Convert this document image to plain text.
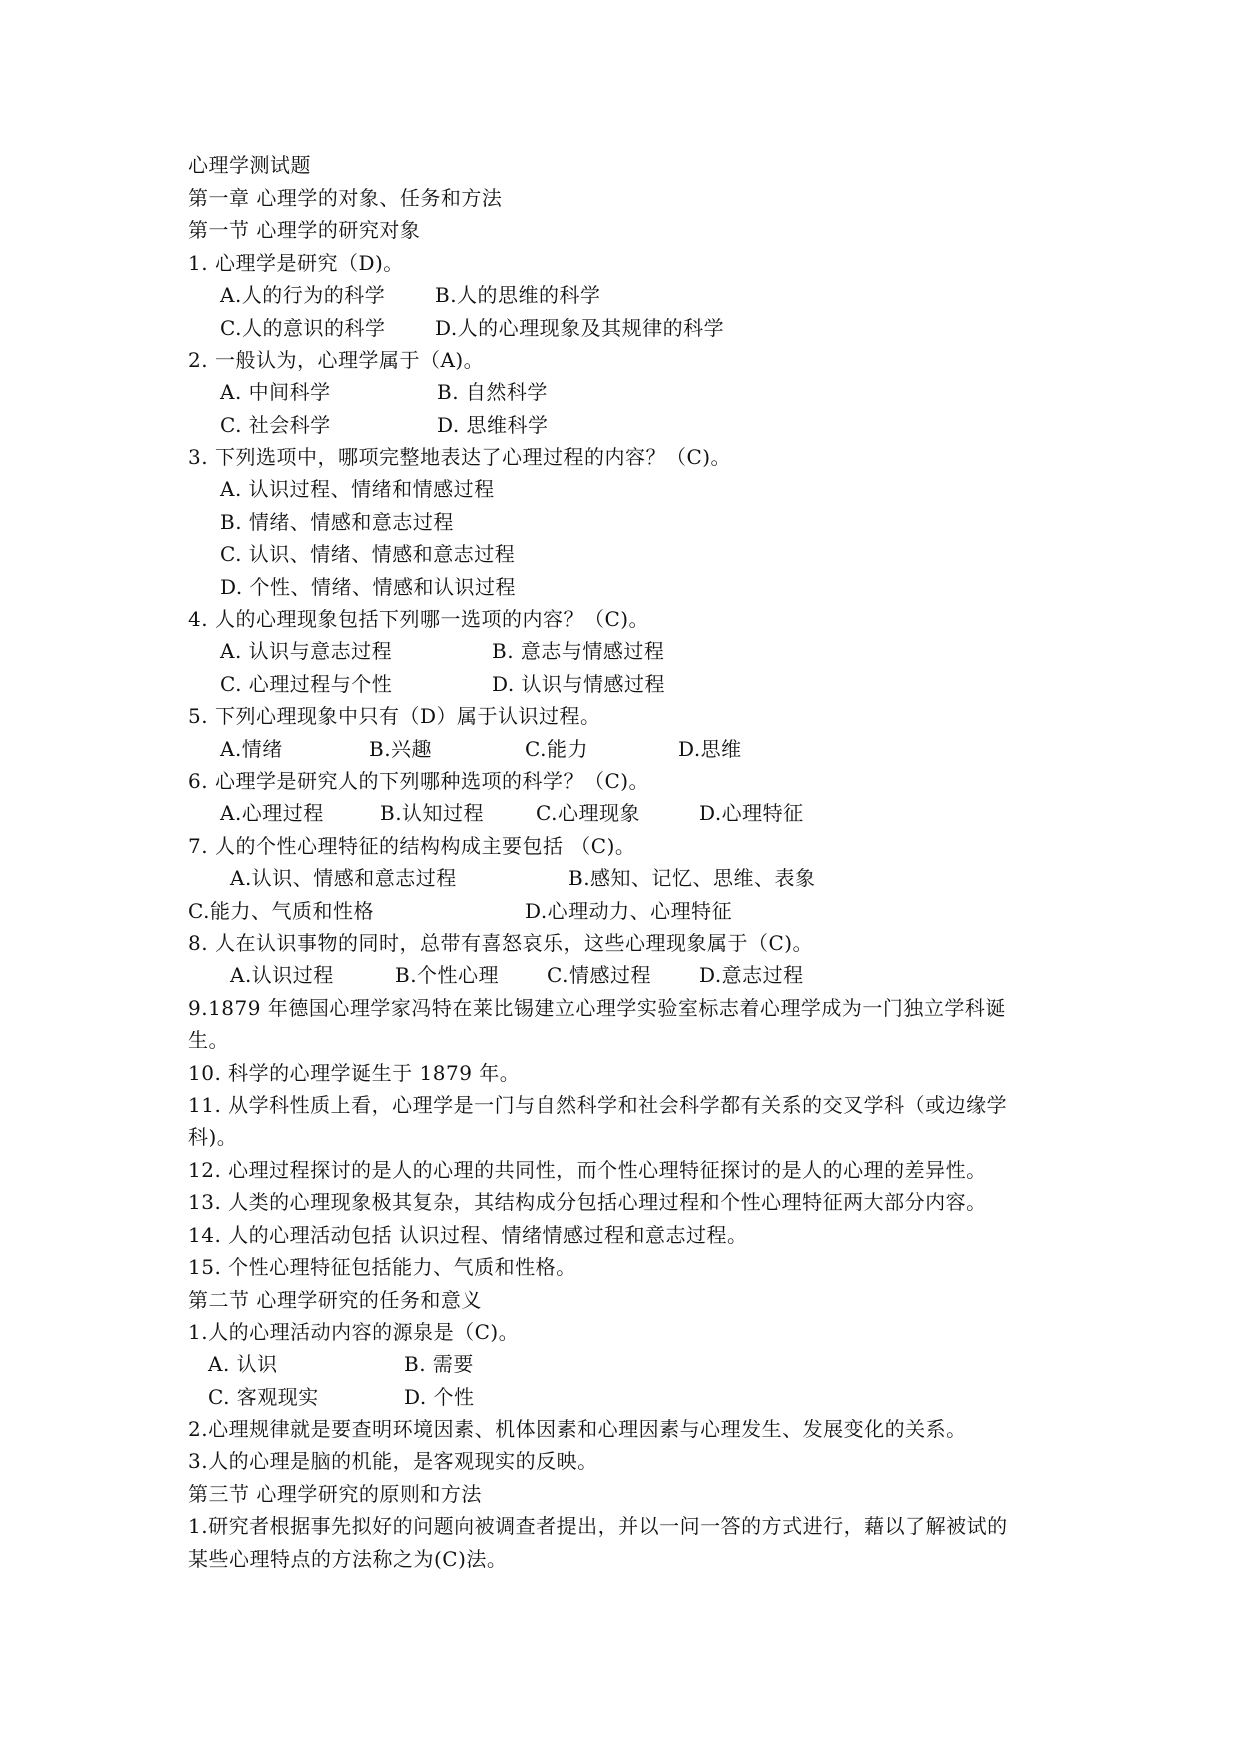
心理学测试题
第一章 心理学的对象、任务和方法
第一节 心理学的研究对象
1. 心理学是研究（D)。
A.人的行为的科学 B.人的思维的科学
C.人的意识的科学 D.人的心理现象及其规律的科学
2. 一般认为，心理学属于（A)。
A. 中间科学	B. 自然科学
C. 社会科学	D. 思维科学
3. 下列选项中，哪项完整地表达了心理过程的内容？（C)。
A. 认识过程、情绪和情感过程
B. 情绪、情感和意志过程
C. 认识、情绪、情感和意志过程
D. 个性、情绪、情感和认识过程
4. 人的心理现象包括下列哪一选项的内容？（C)。
A. 认识与意志过程	B. 意志与情感过程
C. 心理过程与个性	D. 认识与情感过程
5. 下列心理现象中只有（D）属于认识过程。
A.情绪	B.兴趣	C.能力	D.思维
6. 心理学是研究人的下列哪种选项的科学？（C)。
A.心理过程	B.认知过程	C.心理现象	D.心理特征
7. 人的个性心理特征的结构构成主要包括 （C)。
A.认识、情感和意志过程	B.感知、记忆、思维、表象
C.能力、气质和性格	D.心理动力、心理特征
8. 人在认识事物的同时，总带有喜怒哀乐，这些心理现象属于（C)。
A.认识过程	B.个性心理 C.情感过程 D.意志过程
9.1879 年德国心理学家冯特在莱比锡建立心理学实验室标志着心理学成为一门独立学科诞
生。
10. 科学的心理学诞生于 1879 年。
11. 从学科性质上看，心理学是一门与自然科学和社会科学都有关系的交叉学科（或边缘学
科)。
12. 心理过程探讨的是人的心理的共同性，而个性心理特征探讨的是人的心理的差异性。
13. 人类的心理现象极其复杂，其结构成分包括心理过程和个性心理特征两大部分内容。
14. 人的心理活动包括 认识过程、情绪情感过程和意志过程。
15. 个性心理特征包括能力、气质和性格。
第二节 心理学研究的任务和意义
1.人的心理活动内容的源泉是（C)。
A. 认识	B. 需要
C. 客观现实	D. 个性
2.心理规律就是要查明环境因素、机体因素和心理因素与心理发生、发展变化的关系。
3.人的心理是脑的机能，是客观现实的反映。
第三节 心理学研究的原则和方法
1.研究者根据事先拟好的问题向被调查者提出，并以一问一答的方式进行，藉以了解被试的
某些心理特点的方法称之为(C)法。
